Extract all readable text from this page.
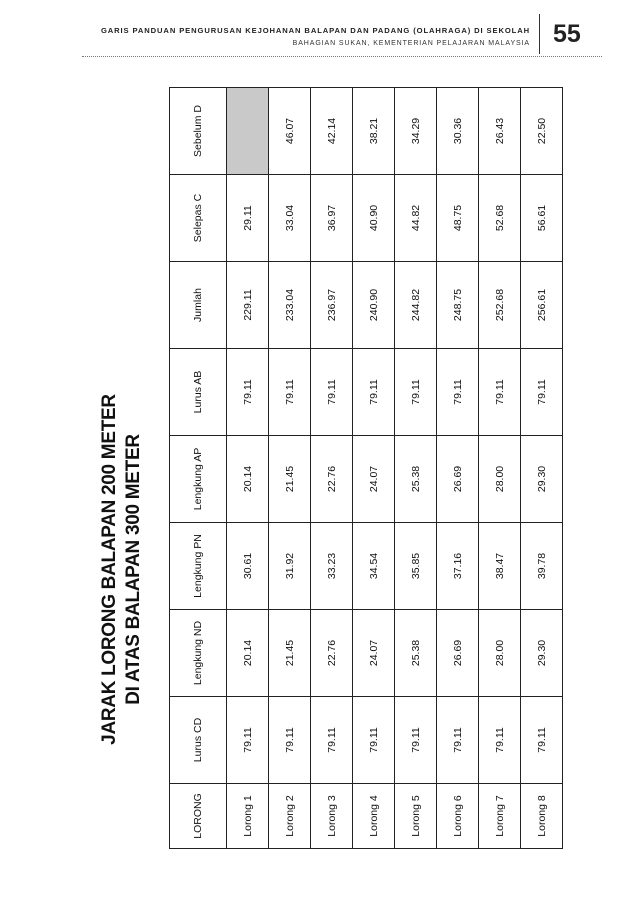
GARIS PANDUAN PENGURUSAN KEJOHANAN BALAPAN DAN PADANG (OLAHRAGA) DI SEKOLAH
BAHAGIAN SUKAN, KEMENTERIAN PELAJARAN MALAYSIA 55
JARAK LORONG BALAPAN 200 METER DI ATAS BALAPAN 300 METER
LORONG	Lurus CD	Lengkung ND	Lengkung PN	Lengkung AP	Lurus AB	Jumlah	Selepas C	Sebelum D
Lorong 1	79.11	20.14	30.61	20.14	79.11	229.11	29.11	
Lorong 2	79.11	21.45	31.92	21.45	79.11	233.04	33.04	46.07
Lorong 3	79.11	22.76	33.23	22.76	79.11	236.97	36.97	42.14
Lorong 4	79.11	24.07	34.54	24.07	79.11	240.90	40.90	38.21
Lorong 5	79.11	25.38	35.85	25.38	79.11	244.82	44.82	34.29
Lorong 6	79.11	26.69	37.16	26.69	79.11	248.75	48.75	30.36
Lorong 7	79.11	28.00	38.47	28.00	79.11	252.68	52.68	26.43
Lorong 8	79.11	29.30	39.78	29.30	79.11	256.61	56.61	22.50
